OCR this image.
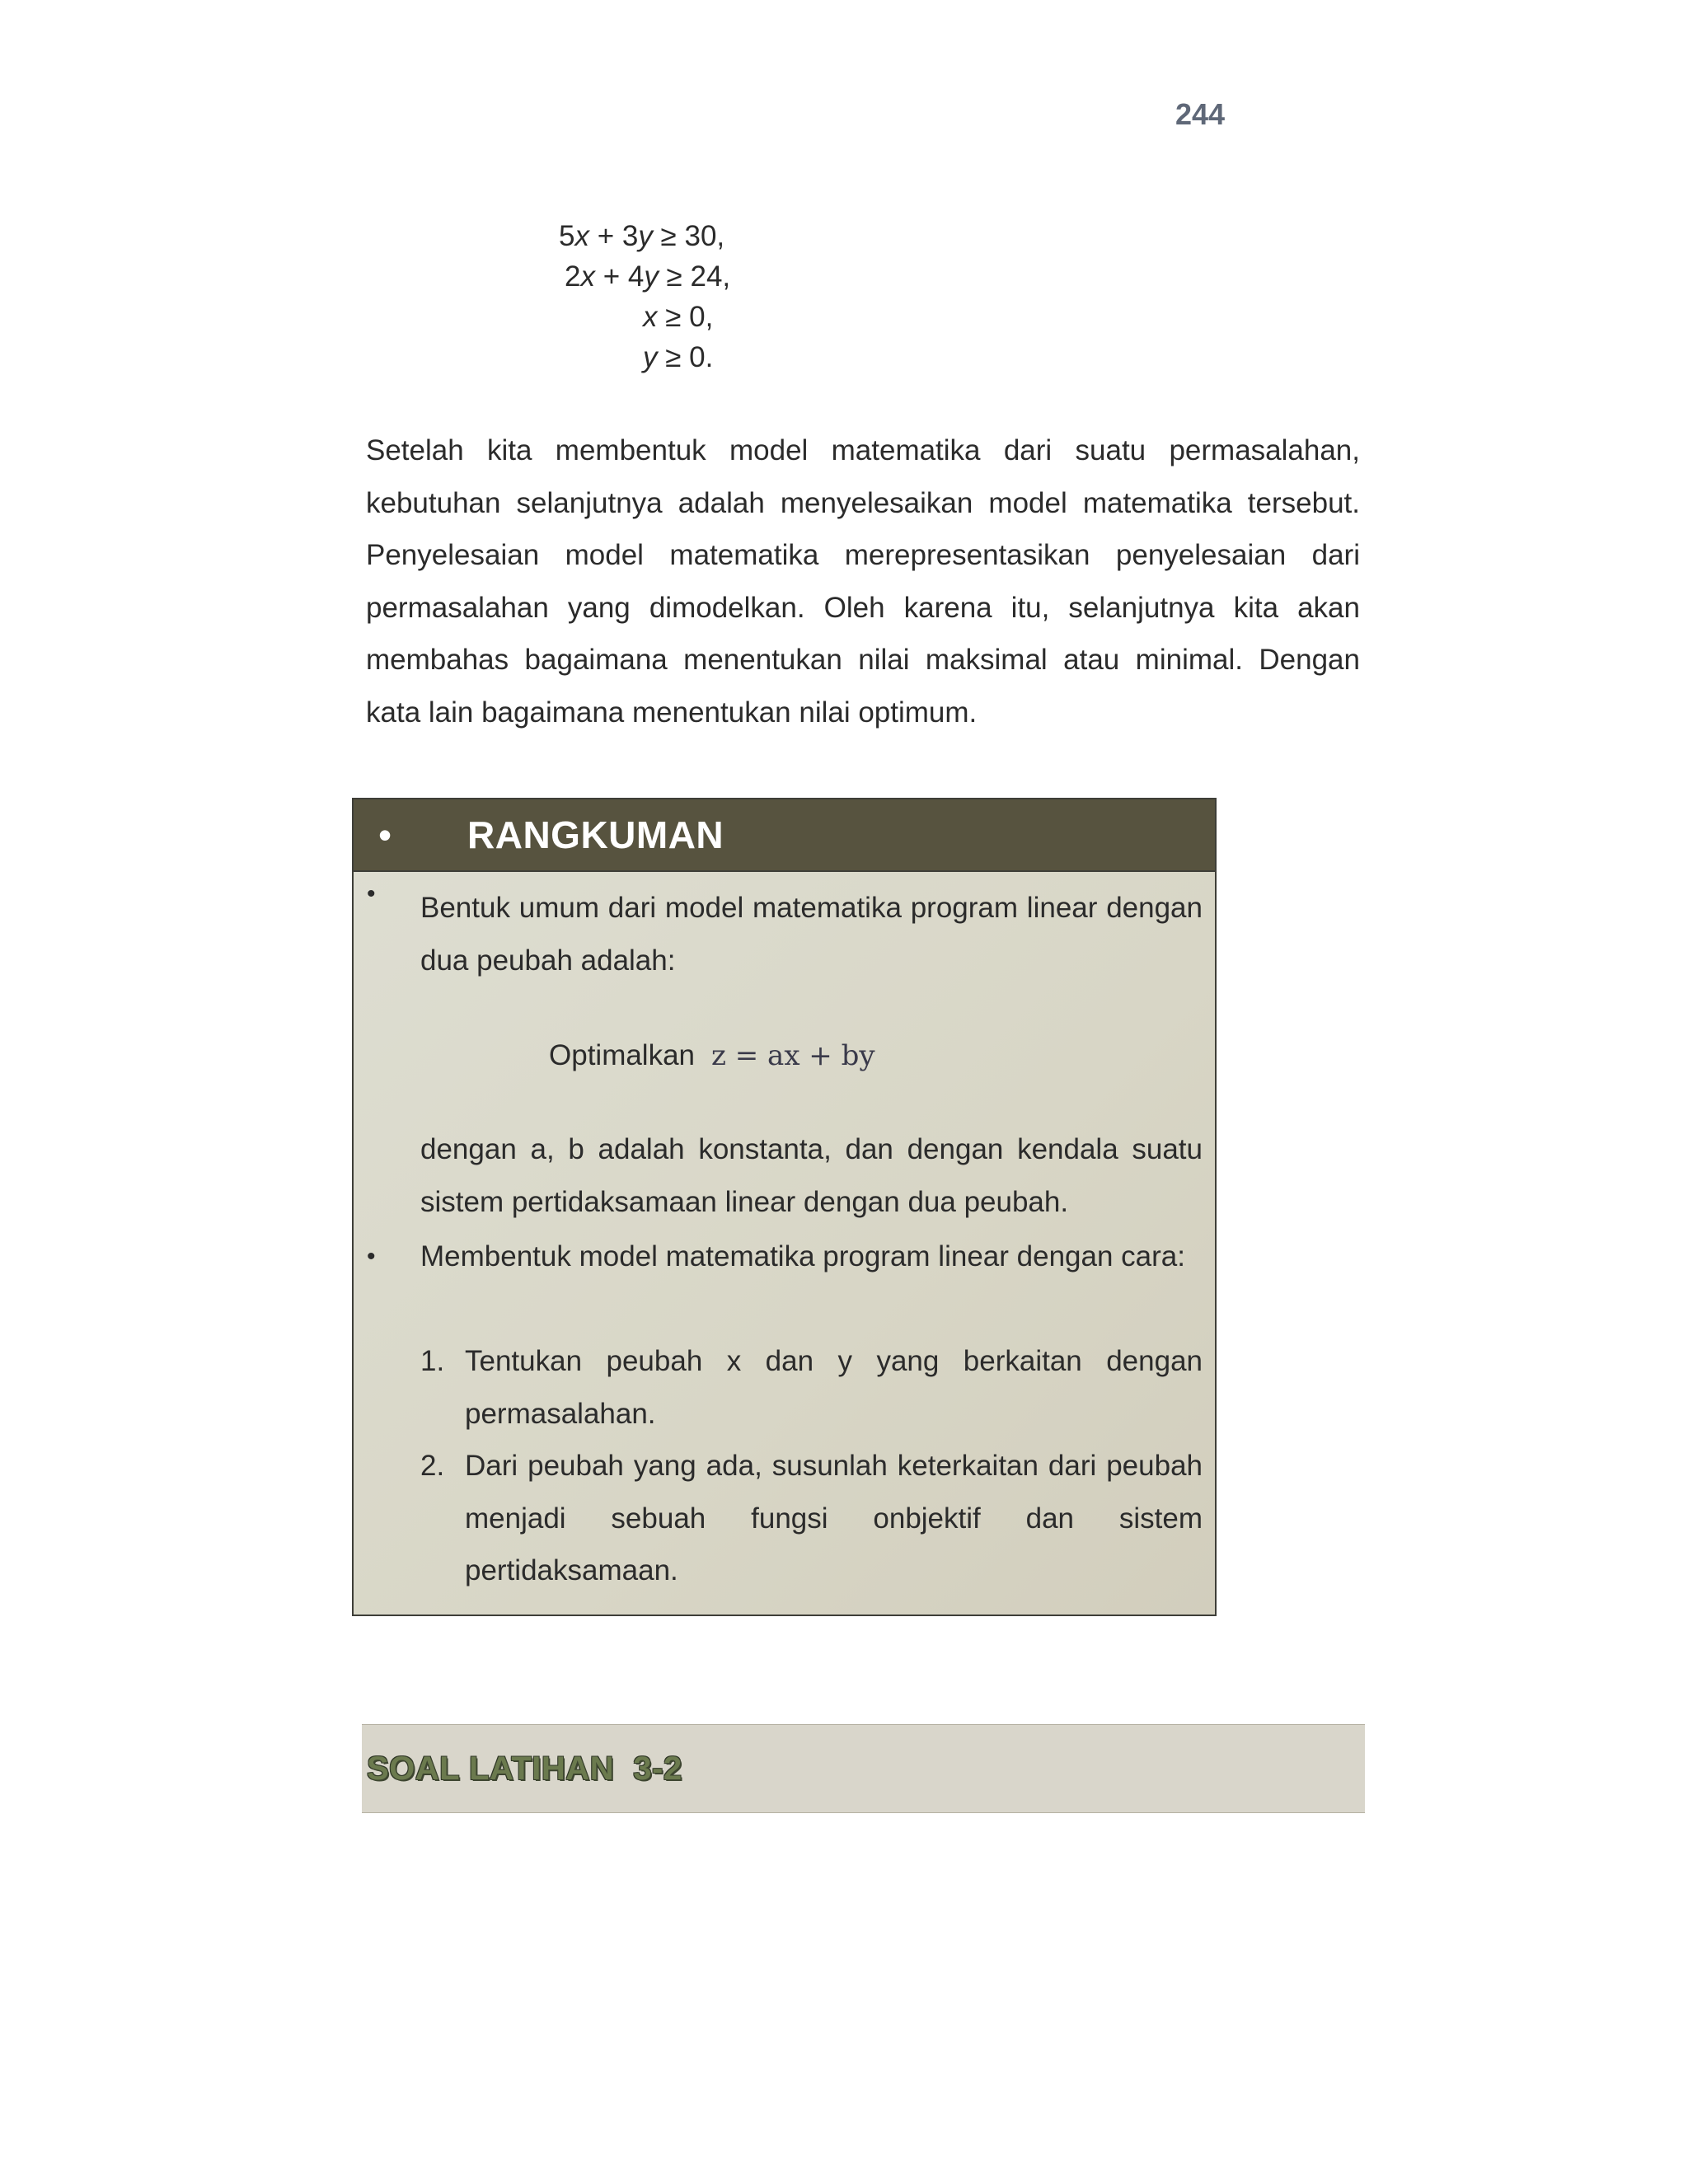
244
5x + 3y ≥ 30,
2x + 4y ≥ 24,
x ≥ 0,
y ≥ 0.

Setelah kita membentuk model matematika dari suatu permasalahan, kebutuhan selanjutnya adalah menyelesaikan model matematika tersebut. Penyelesaian model matematika merepresentasikan penyelesaian dari permasalahan yang dimodelkan. Oleh karena itu, selanjutnya kita akan membahas bagaimana menentukan nilai maksimal atau minimal. Dengan kata lain bagaimana menentukan nilai optimum.

• RANGKUMAN
• Bentuk umum dari model matematika program linear dengan dua peubah adalah:
Optimalkan z = ax + by
dengan a, b adalah konstanta, dan dengan kendala suatu sistem pertidaksamaan linear dengan dua peubah.
• Membentuk model matematika program linear dengan cara:
1. Tentukan peubah x dan y yang berkaitan dengan permasalahan.
2. Dari peubah yang ada, susunlah keterkaitan dari peubah menjadi sebuah fungsi onbjektif dan sistem pertidaksamaan.
SOAL LATIHAN  3-2
